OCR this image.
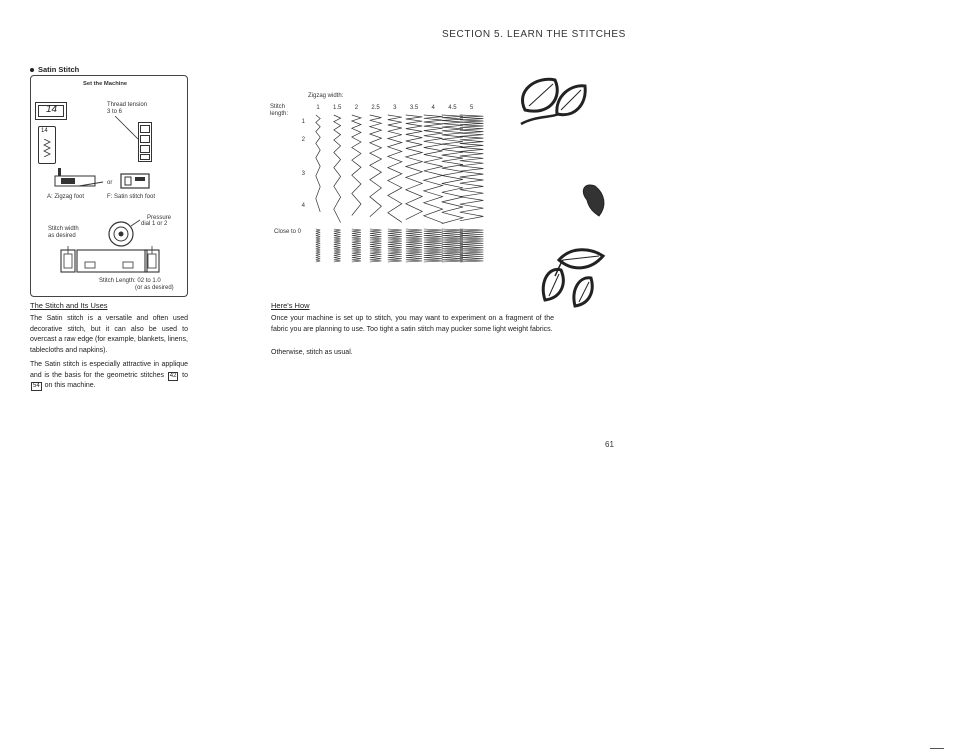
SECTION 5. LEARN THE STITCHES
Satin Stitch
Set the Machine
14
14
Thread tension
3 to 6
or
A: Zigzag foot	F: Satin stitch foot
Pressure
dial 1 or 2
Stitch width
as desired
Stitch Length: 02 to 1.0
(or as desired)
The Stitch and Its Uses
The Satin stitch is a versatile and often used decorative stitch, but it can also be used to overcast a raw edge (for example, blankets, linens, tablecloths and napkins).
The Satin stitch is especially attractive in applique and is the basis for the geometric stitches 42 to 54 on this machine.
Zigzag width:
Stitch
length:
1 1.5 2 2.5 3 3.5 4 4.5 5
1
2
3
4
Close to 0
Here's How
Once your machine is set up to stitch, you may want to experiment on a fragment of the fabric you are planning to use. Too tight a satin stitch may pucker some light weight fabrics.
Otherwise, stitch as usual.
61
